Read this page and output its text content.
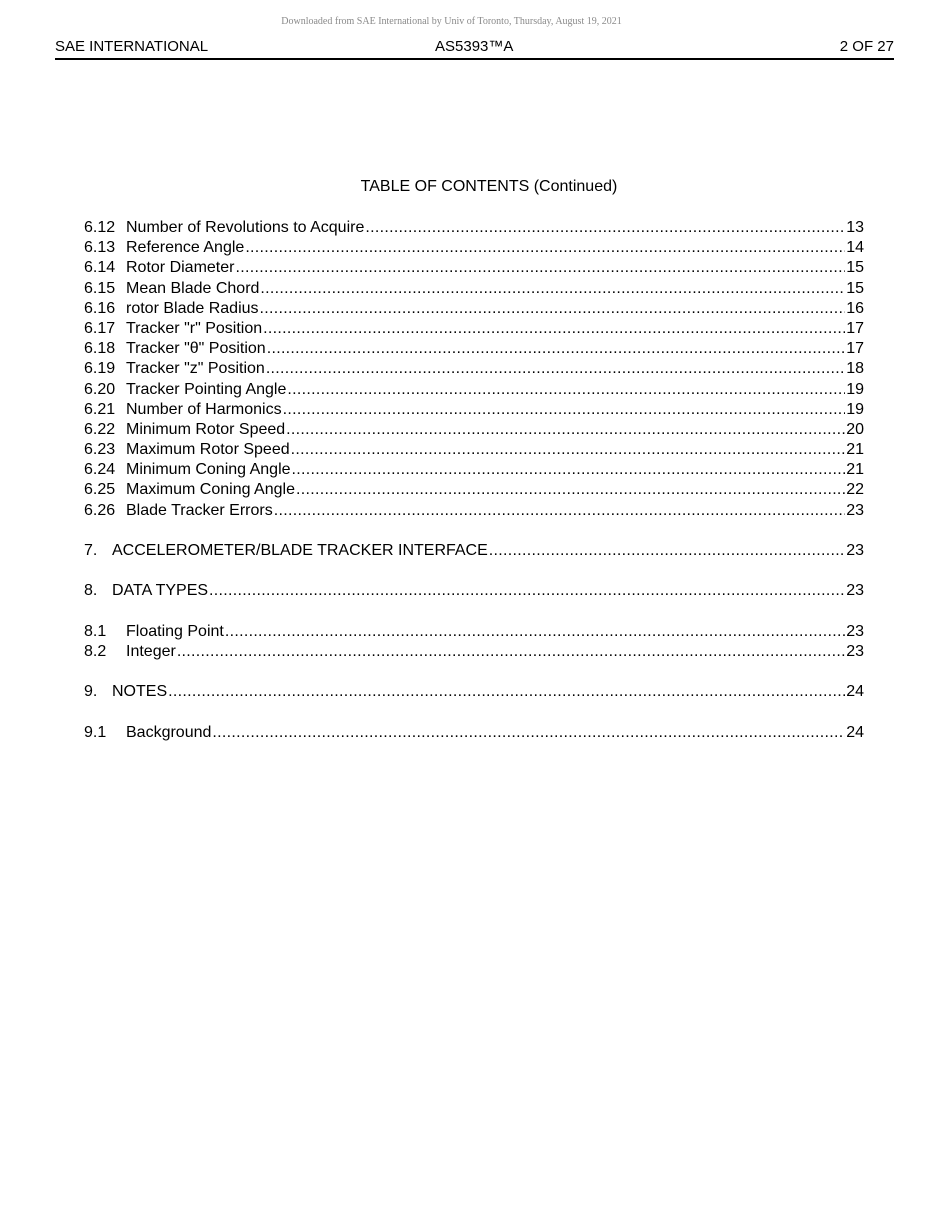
Downloaded from SAE International by Univ of Toronto, Thursday, August 19, 2021
SAE INTERNATIONAL	AS5393™A	2 OF 27
TABLE OF CONTENTS (Continued)
6.12 Number of Revolutions to Acquire .....	13
6.13 Reference Angle .....	14
6.14 Rotor Diameter .....	15
6.15 Mean Blade Chord .....	15
6.16 rotor Blade Radius .....	16
6.17 Tracker "r" Position .....	17
6.18 Tracker "θ" Position .....	17
6.19 Tracker "z" Position .....	18
6.20 Tracker Pointing Angle .....	19
6.21 Number of Harmonics .....	19
6.22 Minimum Rotor Speed .....	20
6.23 Maximum Rotor Speed .....	21
6.24 Minimum Coning Angle .....	21
6.25 Maximum Coning Angle .....	22
6.26 Blade Tracker Errors .....	23
7. ACCELEROMETER/BLADE TRACKER INTERFACE .....	23
8. DATA TYPES .....	23
8.1	Floating Point .....	23
8.2	Integer .....	23
9. NOTES .....	24
9.1	Background .....	24
